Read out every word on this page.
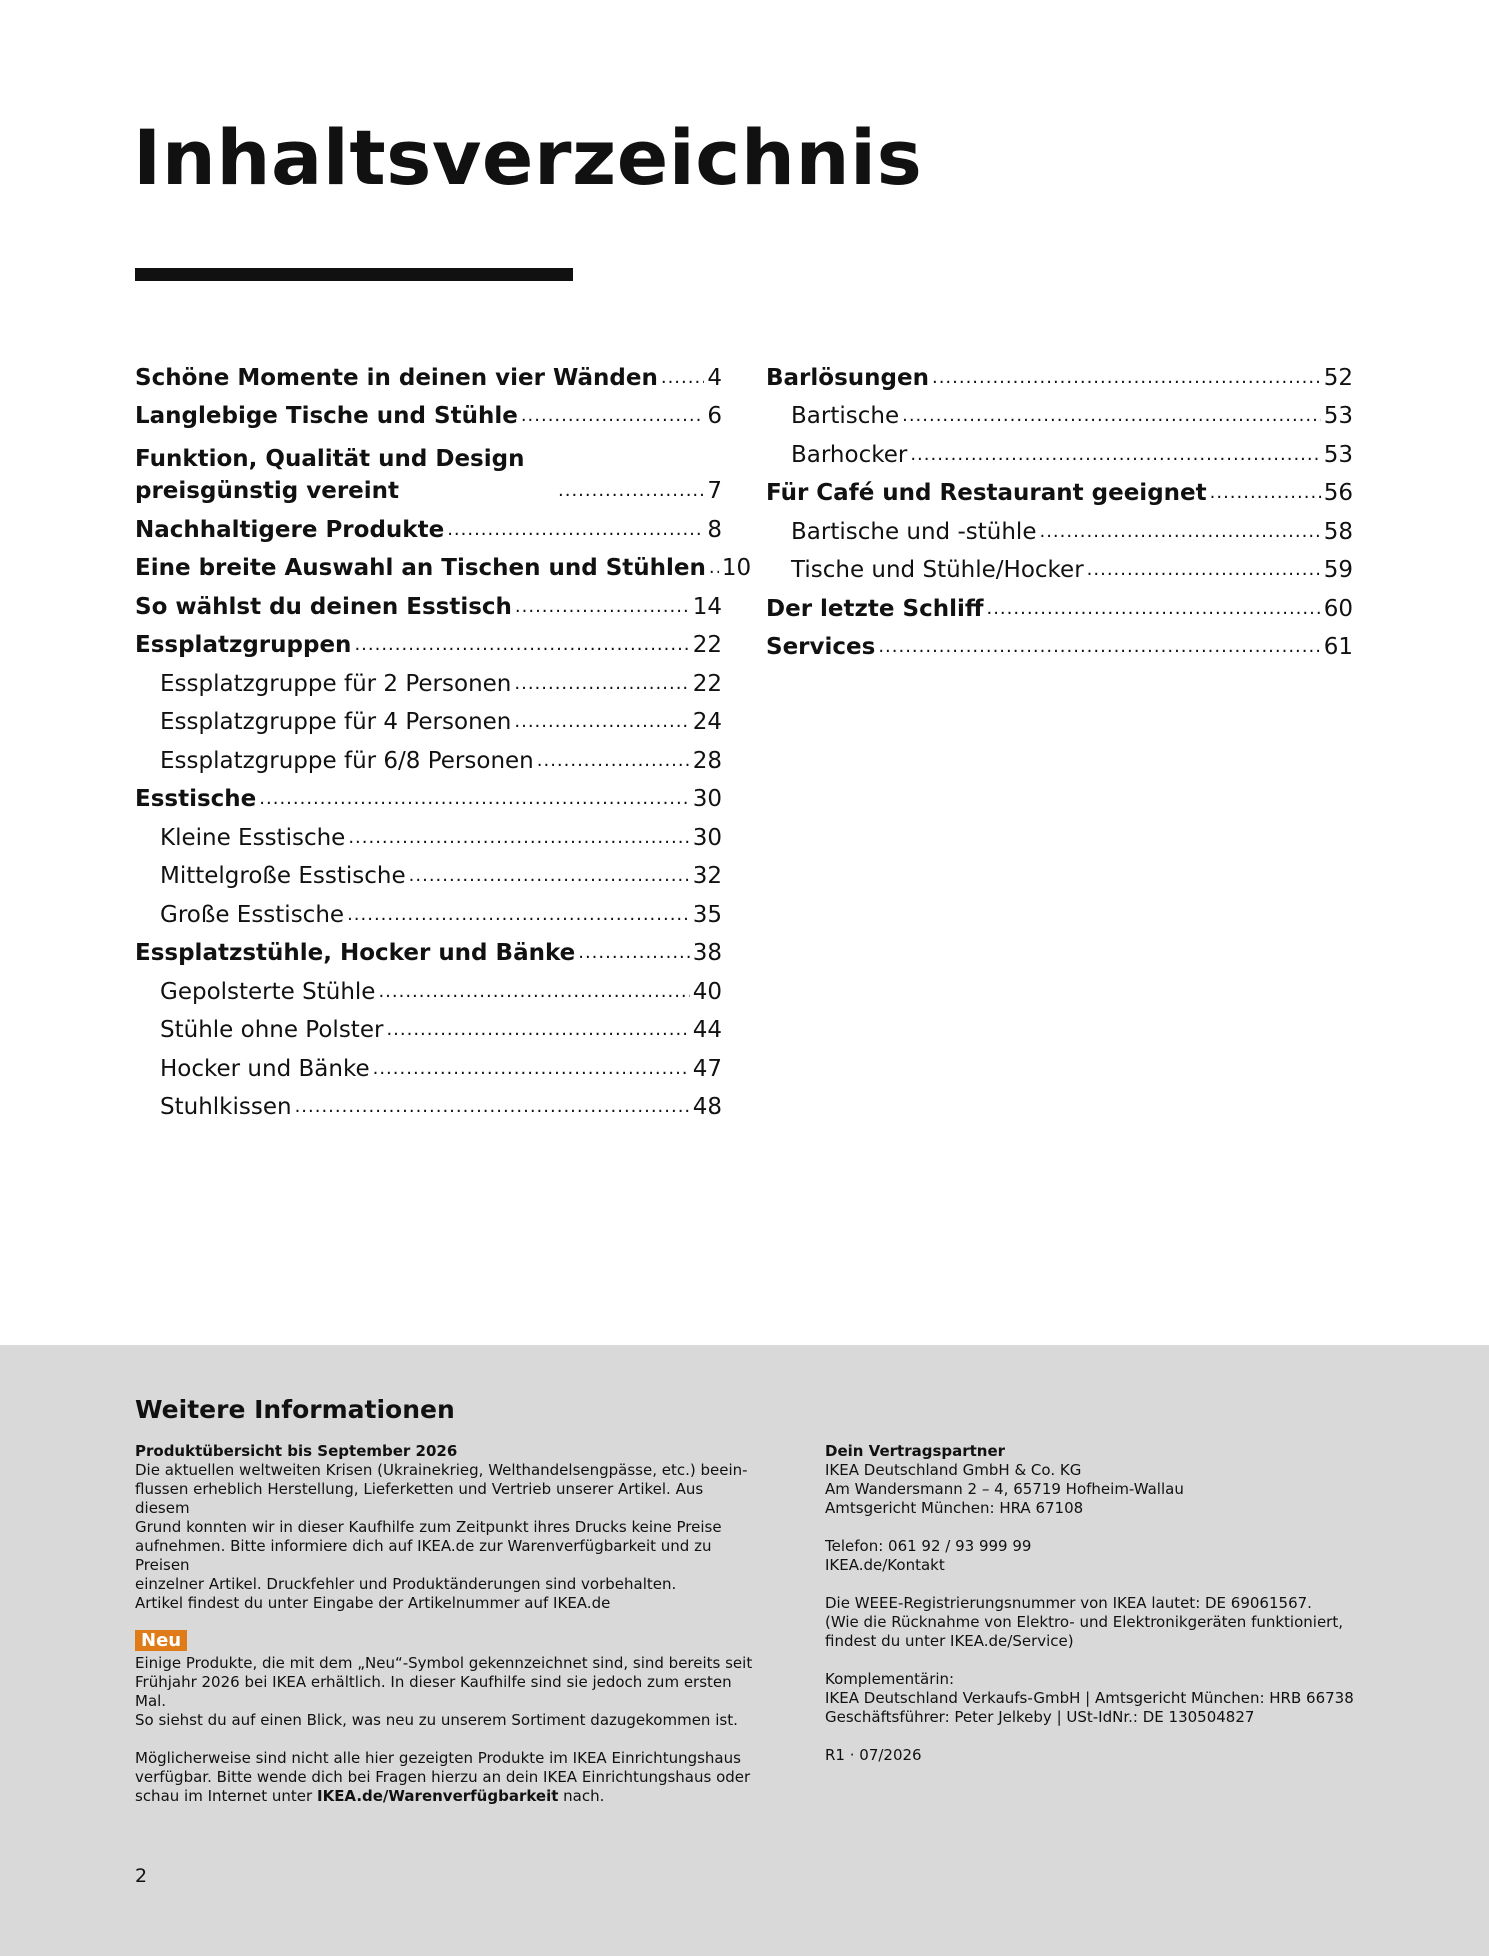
Inhaltsverzeichnis
Schöne Momente in deinen vier Wänden ..... 4
Langlebige Tische und Stühle .....	6
Funktion, Qualität und Design preisgünstig vereint .....	7
Nachhaltigere Produkte .....	8
Eine breite Auswahl an Tischen und Stühlen ..... 10
So wählst du deinen Esstisch .....	14
Essplatzgruppen .....	22
Essplatzgruppe für 2 Personen .....	22
Essplatzgruppe für 4 Personen .....	24
Essplatzgruppe für 6/8 Personen .....	28
Esstische .....	30
Kleine Esstische .....	30
Mittelgroße Esstische .....	32
Große Esstische .....	35
Essplatzstühle, Hocker und Bänke .....	38
Gepolsterte Stühle .....	40
Stühle ohne Polster .....	44
Hocker und Bänke .....	47
Stuhlkissen .....	48
Barlösungen .....	52
Bartische .....	53
Barhocker .....	53
Für Café und Restaurant geeignet .....	56
Bartische und -stühle .....	58
Tische und Stühle/Hocker .....	59
Der letzte Schliff .....	60
Services .....	61
Weitere Informationen

Produktübersicht bis September 2026

Die aktuellen weltweiten Krisen (Ukrainekrieg, Welthandelsengpässe, etc.) beein-
flussen erheblich Herstellung, Lieferketten und Vertrieb unserer Artikel. Aus diesem
Grund konnten wir in dieser Kaufhilfe zum Zeitpunkt ihres Drucks keine Preise
aufnehmen. Bitte informiere dich auf IKEA.de zur Warenverfügbarkeit und zu Preisen
einzelner Artikel. Druckfehler und Produktänderungen sind vorbehalten.
Artikel findest du unter Eingabe der Artikelnummer auf IKEA.de

Neu

Einige Produkte, die mit dem „Neu“-Symbol gekennzeichnet sind, sind bereits seit
Frühjahr 2026 bei IKEA erhältlich. In dieser Kaufhilfe sind sie jedoch zum ersten Mal.
So siehst du auf einen Blick, was neu zu unserem Sortiment dazugekommen ist.

Möglicherweise sind nicht alle hier gezeigten Produkte im IKEA Einrichtungshaus
verfügbar. Bitte wende dich bei Fragen hierzu an dein IKEA Einrichtungshaus oder
schau im Internet unter IKEA.de/Warenverfügbarkeit nach.

Dein Vertragspartner

IKEA Deutschland GmbH & Co. KG
Am Wandersmann 2 – 4, 65719 Hofheim-Wallau
Amtsgericht München: HRA 67108

Telefon: 061 92 / 93 999 99
IKEA.de/Kontakt

Die WEEE-Registrierungsnummer von IKEA lautet: DE 69061567.
(Wie die Rücknahme von Elektro- und Elektronikgeräten funktioniert,
findest du unter IKEA.de/Service)

Komplementärin:
IKEA Deutschland Verkaufs-GmbH | Amtsgericht München: HRB 66738
Geschäftsführer: Peter Jelkeby | USt-IdNr.: DE 130504827

R1 · 07/2026

2
